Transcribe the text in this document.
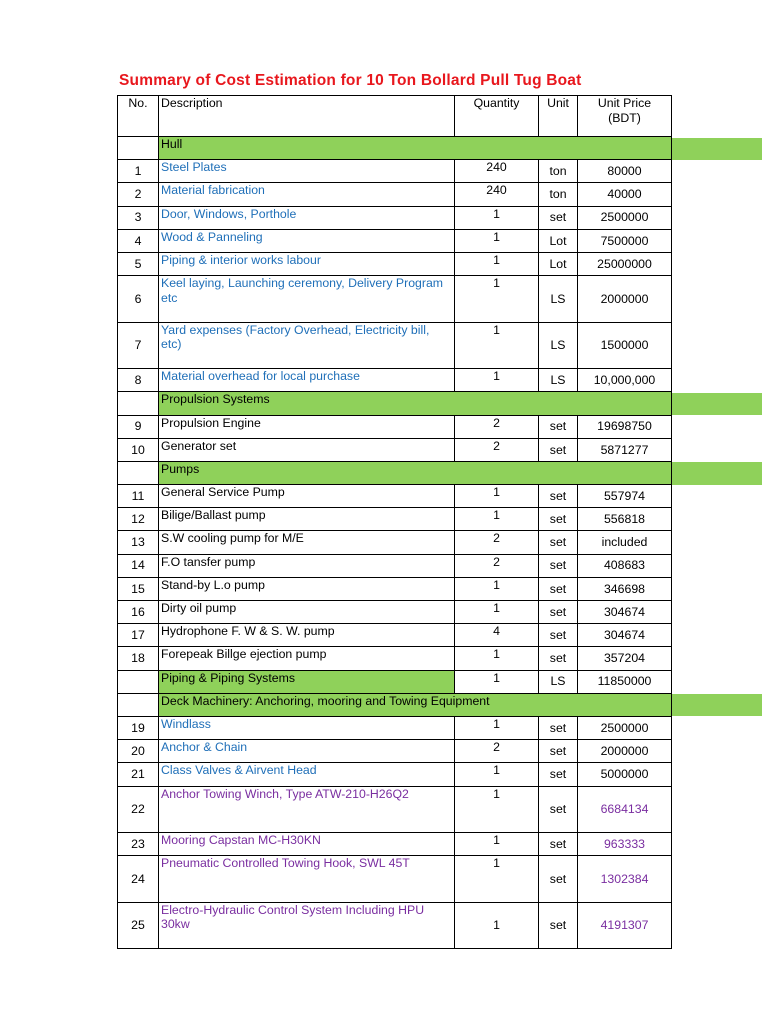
Summary of Cost Estimation for 10 Ton Bollard Pull Tug Boat
No.	Description	Quantity	Unit	Unit Price (BDT)
	Hull			
1	Steel Plates	240	ton	80000
2	Material fabrication	240	ton	40000
3	Door, Windows, Porthole	1	set	2500000
4	Wood & Panneling	1	Lot	7500000
5	Piping & interior works labour	1	Lot	25000000
6	Keel laying, Launching ceremony, Delivery Program etc	1	LS	2000000
7	Yard expenses (Factory Overhead, Electricity bill, etc)	1	LS	1500000
8	Material overhead for local purchase	1	LS	10,000,000
	Propulsion Systems			
9	Propulsion Engine	2	set	19698750
10	Generator set	2	set	5871277
	Pumps			
11	General Service Pump	1	set	557974
12	Bilige/Ballast pump	1	set	556818
13	S.W cooling pump for M/E	2	set	included
14	F.O tansfer pump	2	set	408683
15	Stand-by L.o pump	1	set	346698
16	Dirty oil pump	1	set	304674
17	Hydrophone F. W & S. W. pump	4	set	304674
18	Forepeak Billge ejection pump	1	set	357204
	Piping & Piping Systems	1	LS	11850000
	Deck Machinery: Anchoring, mooring and Towing Equipment			
19	Windlass	1	set	2500000
20	Anchor & Chain	2	set	2000000
21	Class Valves & Airvent Head	1	set	5000000
22	Anchor Towing Winch, Type ATW-210-H26Q2	1	set	6684134
23	Mooring Capstan MC-H30KN	1	set	963333
24	Pneumatic Controlled Towing Hook, SWL 45T	1	set	1302384
25	Electro-Hydraulic Control System Including HPU 30kw	1	set	4191307
